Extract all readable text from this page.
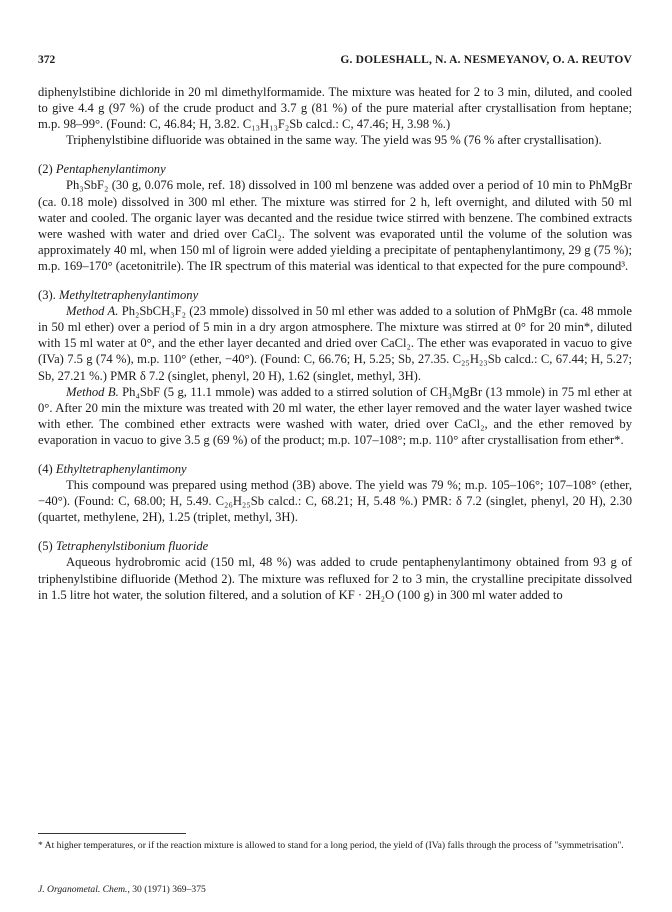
372	G. DOLESHALL, N. A. NESMEYANOV, O. A. REUTOV

diphenylstibine dichloride in 20 ml dimethylformamide. The mixture was heated for 2 to 3 min, diluted, and cooled to give 4.4 g (97 %) of the crude product and 3.7 g (81 %) of the pure material after crystallisation from heptane; m.p. 98–99°. (Found: C, 46.84; H, 3.82. C₁₃H₁₃F₂Sb calcd.: C, 47.46; H, 3.98 %.)

Triphenylstibine difluoride was obtained in the same way. The yield was 95 % (76 % after crystallisation).

(2) Pentaphenylantimony

Ph₃SbF₂ (30 g, 0.076 mole, ref. 18) dissolved in 100 ml benzene was added over a period of 10 min to PhMgBr (ca. 0.18 mole) dissolved in 300 ml ether. The mixture was stirred for 2 h, left overnight, and diluted with 50 ml water and cooled. The organic layer was decanted and the residue twice stirred with benzene. The combined extracts were washed with water and dried over CaCl₂. The solvent was evaporated until the volume of the solution was approximately 40 ml, when 150 ml of ligroin were added yielding a precipitate of pentaphenylantimony, 29 g (75 %); m.p. 169–170° (acetonitrile). The IR spectrum of this material was identical to that expected for the pure compound³.

(3). Methyltetraphenylantimony

Method A. Ph₂SbCH₃F₂ (23 mmole) dissolved in 50 ml ether was added to a solution of PhMgBr (ca. 48 mmole in 50 ml ether) over a period of 5 min in a dry argon atmosphere. The mixture was stirred at 0° for 20 min*, diluted with 15 ml water at 0°, and the ether layer decanted and dried over CaCl₂. The ether was evaporated in vacuo to give (IVa) 7.5 g (74 %), m.p. 110° (ether, −40°). (Found: C, 66.76; H, 5.25; Sb, 27.35. C₂₅H₂₃Sb calcd.: C, 67.44; H, 5.27; Sb, 27.21 %.) PMR δ 7.2 (singlet, phenyl, 20 H), 1.62 (singlet, methyl, 3H).

Method B. Ph₄SbF (5 g, 11.1 mmole) was added to a stirred solution of CH₃MgBr (13 mmole) in 75 ml ether at 0°. After 20 min the mixture was treated with 20 ml water, the ether layer removed and the water layer washed twice with ether. The combined ether extracts were washed with water, dried over CaCl₂, and the ether removed by evaporation in vacuo to give 3.5 g (69 %) of the product; m.p. 107–108°; m.p. 110° after crystallisation from ether*.

(4) Ethyltetraphenylantimony

This compound was prepared using method (3B) above. The yield was 79 %; m.p. 105–106°; 107–108° (ether, −40°). (Found: C, 68.00; H, 5.49. C₂₆H₂₅Sb calcd.: C, 68.21; H, 5.48 %.) PMR: δ 7.2 (singlet, phenyl, 20 H), 2.30 (quartet, methylene, 2H), 1.25 (triplet, methyl, 3H).

(5) Tetraphenylstibonium fluoride

Aqueous hydrobromic acid (150 ml, 48 %) was added to crude pentaphenylantimony obtained from 93 g of triphenylstibine difluoride (Method 2). The mixture was refluxed for 2 to 3 min, the crystalline precipitate dissolved in 1.5 litre hot water, the solution filtered, and a solution of KF · 2H₂O (100 g) in 300 ml water added to

* At higher temperatures, or if the reaction mixture is allowed to stand for a long period, the yield of (IVa) falls through the process of "symmetrisation".

J. Organometal. Chem., 30 (1971) 369–375
